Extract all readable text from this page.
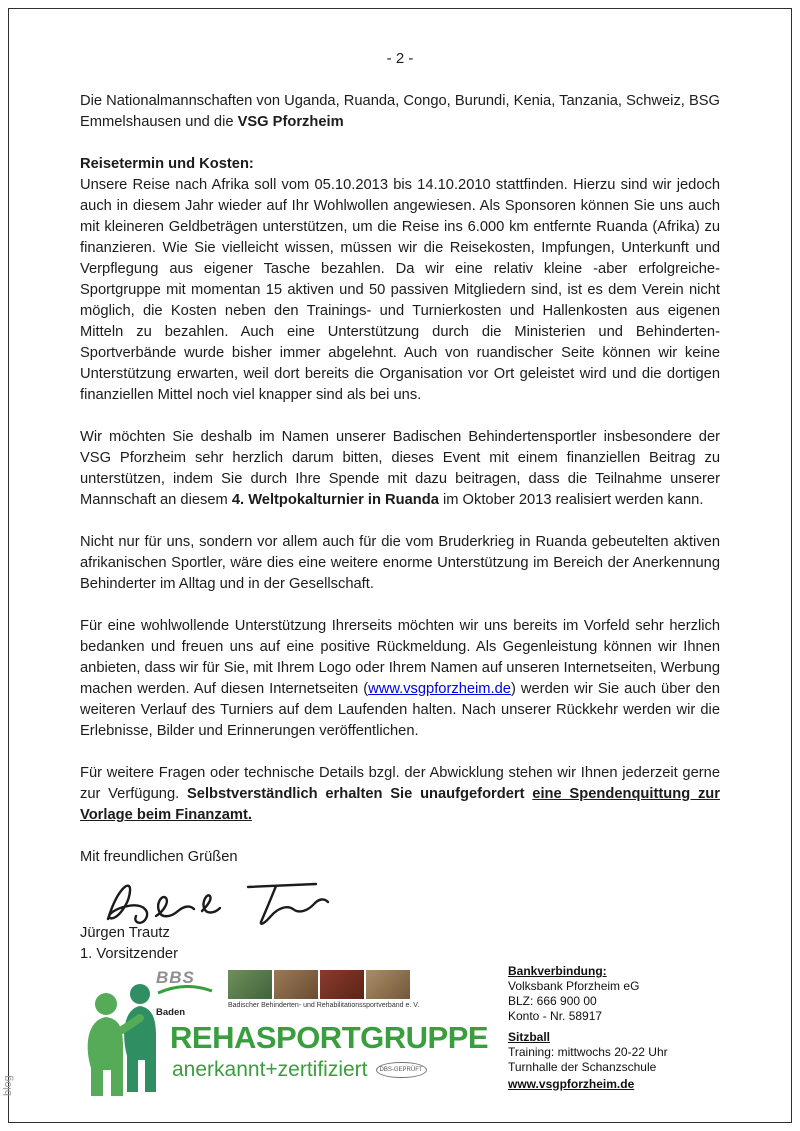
- 2 -

Die Nationalmannschaften von Uganda, Ruanda, Congo, Burundi, Kenia, Tanzania, Schweiz, BSG Emmelshausen und die VSG Pforzheim

Reisetermin und Kosten:

Unsere Reise nach Afrika soll vom 05.10.2013 bis 14.10.2010 stattfinden. Hierzu sind wir jedoch auch in diesem Jahr wieder auf Ihr Wohlwollen angewiesen. Als Sponsoren können Sie uns auch mit kleineren Geldbeträgen unterstützen, um die Reise ins 6.000 km entfernte Ruanda (Afrika) zu finanzieren. Wie Sie vielleicht wissen, müssen wir die Reisekosten, Impfungen, Unterkunft und Verpflegung aus eigener Tasche bezahlen. Da wir eine relativ kleine -aber erfolgreiche- Sportgruppe mit momentan 15 aktiven und 50 passiven Mitgliedern sind, ist es dem Verein nicht möglich, die Kosten neben den Trainings- und Turnierkosten und Hallenkosten aus eigenen Mitteln zu bezahlen. Auch eine Unterstützung durch die Ministerien und Behinderten-Sportverbände wurde bisher immer abgelehnt. Auch von ruandischer Seite können wir keine Unterstützung erwarten, weil dort bereits die Organisation vor Ort geleistet wird und die dortigen finanziellen Mittel noch viel knapper sind als bei uns.

Wir möchten Sie deshalb im Namen unserer Badischen Behindertensportler insbesondere der VSG Pforzheim sehr herzlich darum bitten, dieses Event mit einem finanziellen Beitrag zu unterstützen, indem Sie durch Ihre Spende mit dazu beitragen, dass die Teilnahme unserer Mannschaft an diesem 4. Weltpokalturnier in Ruanda im Oktober 2013 realisiert werden kann.

Nicht nur für uns, sondern vor allem auch für die vom Bruderkrieg in Ruanda gebeutelten aktiven afrikanischen Sportler, wäre dies eine weitere enorme Unterstützung im Bereich der Anerkennung Behinderter im Alltag und in der Gesellschaft.

Für eine wohlwollende Unterstützung Ihrerseits möchten wir uns bereits im Vorfeld sehr herzlich bedanken und freuen uns auf eine positive Rückmeldung. Als Gegenleistung können wir Ihnen anbieten, dass wir für Sie, mit Ihrem Logo oder Ihrem Namen auf unseren Internetseiten, Werbung machen werden. Auf diesen Internetseiten (www.vsgpforzheim.de) werden wir Sie auch über den weiteren Verlauf des Turniers auf dem Laufenden halten. Nach unserer Rückkehr werden wir die Erlebnisse, Bilder und Erinnerungen veröffentlichen.

Für weitere Fragen oder technische Details bzgl. der Abwicklung stehen wir Ihnen jederzeit gerne zur Verfügung. Selbstverständlich erhalten Sie unaufgefordert eine Spendenquittung zur Vorlage beim Finanzamt.

Mit freundlichen Grüßen

Jürgen Trautz
1. Vorsitzender
BBS
Baden
Badischer Behinderten- und Rehabilitationssportverband e. V.
REHASPORTGRUPPE
anerkannt+zertifiziert	DBS-GEPRÜFT
Bankverbindung:
Volksbank Pforzheim eG
BLZ: 666 900 00
Konto - Nr. 58917
Sitzball
Training: mittwochs 20-22 Uhr
Turnhalle der Schanzschule
www.vsgpforzheim.de
blog
